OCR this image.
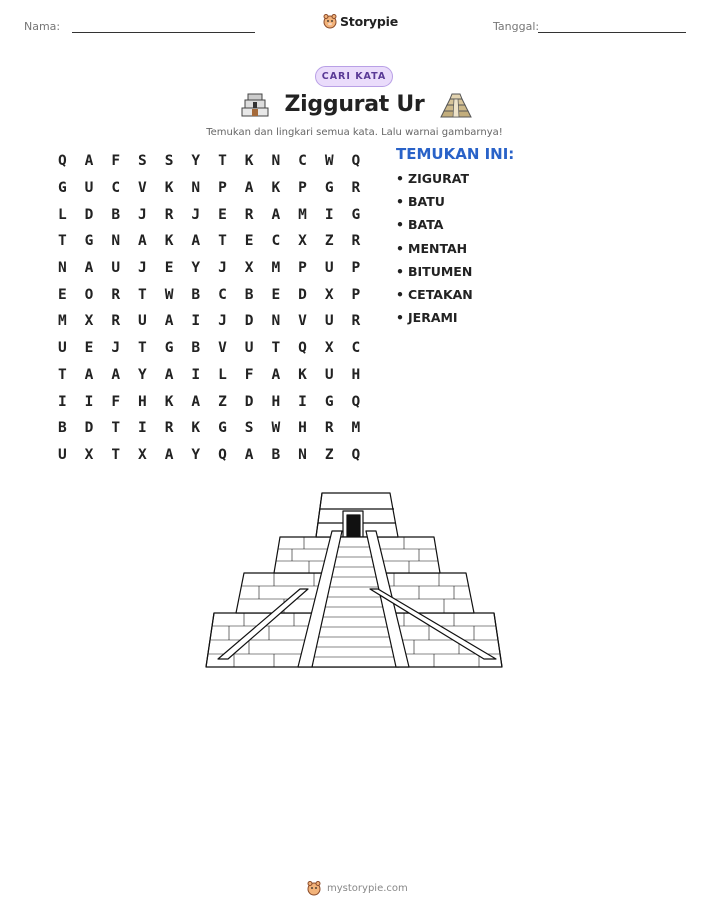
Nama:	Storypie	Tanggal:
CARI KATA
Ziggurat Ur
Temukan dan lingkari semua kata. Lalu warnai gambarnya!
Q	A	F	S	S	Y	T	K	N	C	W	Q
G	U	C	V	K	N	P	A	K	P	G	R
L	D	B	J	R	J	E	R	A	M	I	G
T	G	N	A	K	A	T	E	C	X	Z	R
N	A	U	J	E	Y	J	X	M	P	U	P
E	O	R	T	W	B	C	B	E	D	X	P
M	X	R	U	A	I	J	D	N	V	U	R
U	E	J	T	G	B	V	U	T	Q	X	C
T	A	A	Y	A	I	L	F	A	K	U	H
I	I	F	H	K	A	Z	D	H	I	G	Q
B	D	T	I	R	K	G	S	W	H	R	M
U	X	T	X	A	Y	Q	A	B	N	Z	Q
TEMUKAN INI:
• ZIGURAT
• BATU
• BATA
• MENTAH
• BITUMEN
• CETAKAN
• JERAMI
mystorypie.com
